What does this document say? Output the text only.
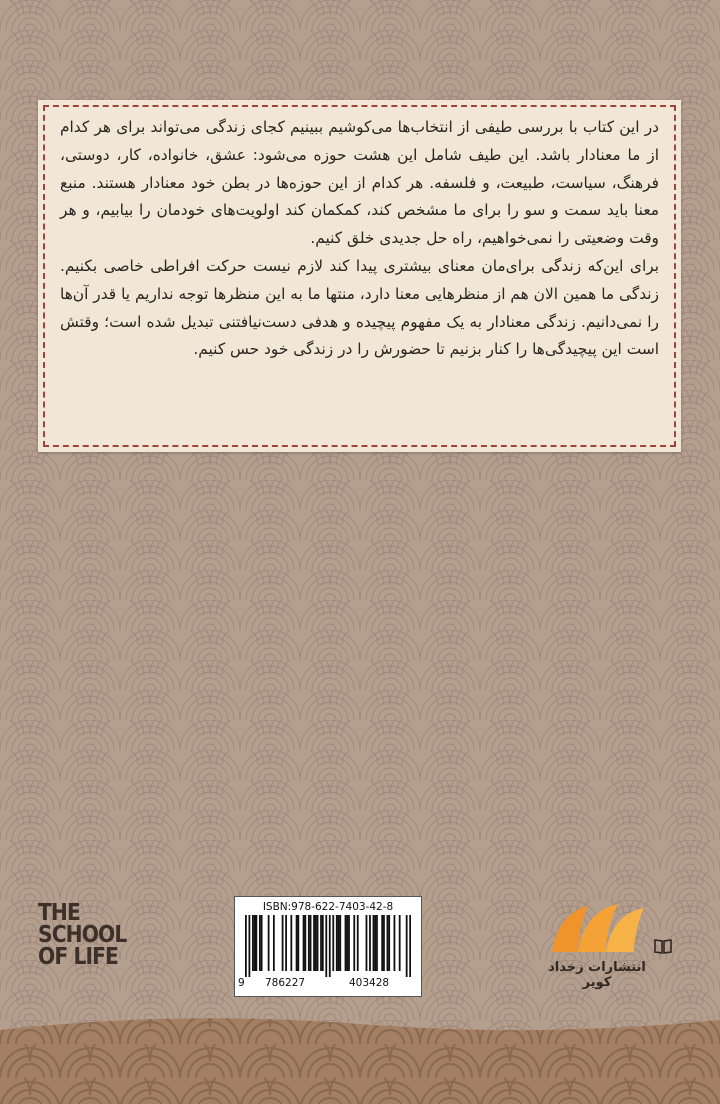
در این کتاب با بررسی طیفی از انتخاب‌ها می‌کوشیم ببینیم کجای زندگی می‌تواند برای هر کدام از ما معنادار باشد. این طیف شامل این هشت حوزه می‌شود: عشق، خانواده، کار، دوستی، فرهنگ، سیاست، طبیعت، و فلسفه. هر کدام از این حوزه‌ها در بطن خود معنادار هستند. منبع معنا باید سمت و سو را برای ما مشخص کند، کمکمان کند اولویت‌های خودمان را بیابیم، و هر وقت وضعیتی را نمی‌خواهیم، راه حل جدیدی خلق کنیم.

برای این‌که زندگی برای‌مان معنای بیشتری پیدا کند لازم نیست حرکت افراطی خاصی بکنیم. زندگی ما همین الان هم از منظرهایی معنا دارد، منتها ما به این منظرها توجه نداریم یا قدر آن‌ها را نمی‌دانیم. زندگی معنادار به یک مفهوم پیچیده و هدفی دست‌نیافتنی تبدیل شده است؛ وقتش است این پیچیدگی‌ها را کنار بزنیم تا حضورش را در زندگی خود حس کنیم.

THE
SCHOOL
OF LIFE
ISBN:978-622-7403-42-8
9 786227	403428
انتشارات زخداد کویر
